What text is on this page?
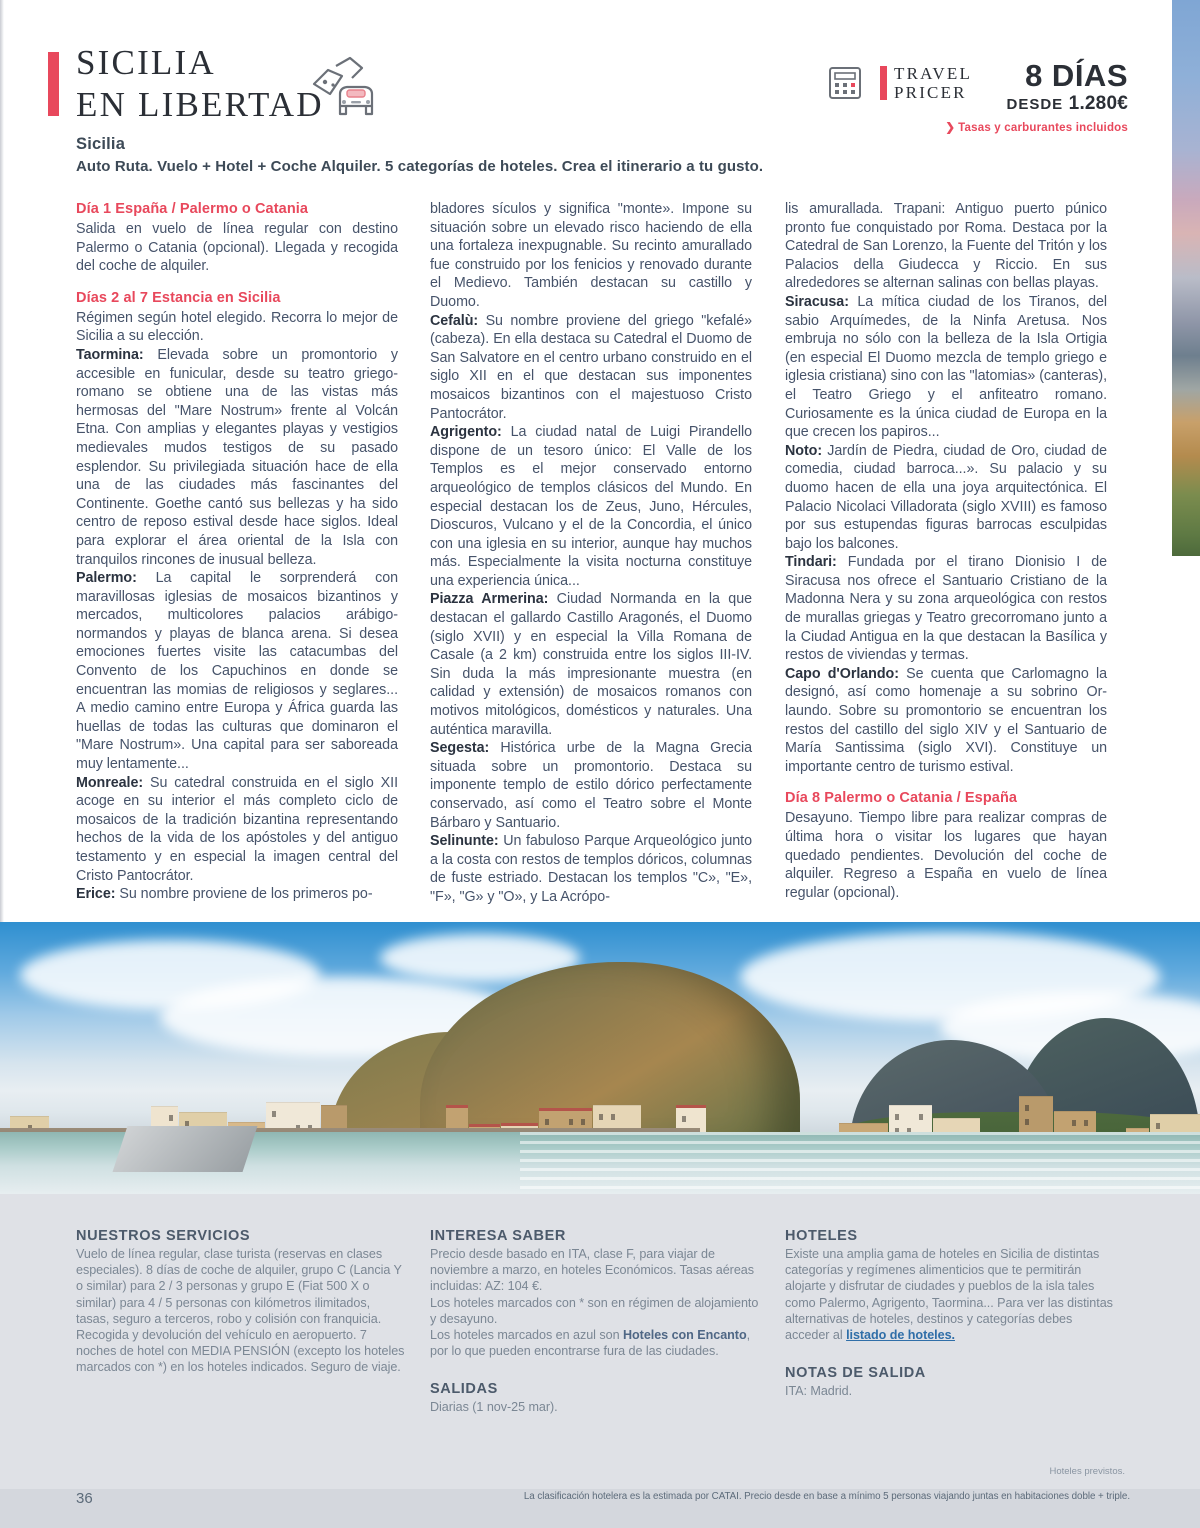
SICILIA
EN LIBERTAD
Sicilia
Auto Ruta. Vuelo + Hotel + Coche Alquiler. 5 categorías de hoteles. Crea el itinerario a tu gusto.
TRAVEL
PRICER	8 DÍAS
DESDE 1.280€
❯ Tasas y carburantes incluidos
Día 1 España / Palermo o Catania

Salida en vuelo de línea regular con destino Palermo o Catania (opcional). Llegada y recogida del coche de alquiler.

Días 2 al 7 Estancia en Sicilia

Régimen según hotel elegido. Recorra lo mejor de Sicilia a su elección.

Taormina: Elevada sobre un promontorio y accesible en funicular, desde su teatro griego-romano se obtiene una de las vistas más hermosas del "Mare Nostrum» frente al Volcán Etna. Con amplias y elegantes playas y vestigios medievales mudos testigos de su pasado esplendor. Su privilegiada situación hace de ella una de las ciudades más fascinantes del Continente. Goethe cantó sus bellezas y ha sido centro de reposo estival desde hace siglos. Ideal para explorar el área oriental de la Isla con tranquilos rincones de inusual belleza.

Palermo: La capital le sorprenderá con maravillosas iglesias de mosaicos bizantinos y mercados, multicolores palacios arábigo-normandos y playas de blanca arena. Si desea emociones fuertes visite las catacumbas del Convento de los Capuchinos en donde se encuentran las momias de religiosos y seglares... A medio camino entre Europa y África guarda las huellas de todas las culturas que dominaron el "Mare Nostrum». Una capital para ser saboreada muy lentamente...

Monreale: Su catedral construida en el siglo XII acoge en su interior el más completo ciclo de mosaicos de la tradición bizantina representando hechos de la vida de los apóstoles y del antiguo testamento y en especial la imagen central del Cristo Pantocrátor.

Erice: Su nombre proviene de los primeros po-

bladores sículos y significa "monte». Impone su situación sobre un elevado risco haciendo de ella una fortaleza inexpugnable. Su recinto amurallado fue construido por los fenicios y renovado durante el Medievo. También destacan su castillo y Duomo.

Cefalù: Su nombre proviene del griego "kefalé» (cabeza). En ella destaca su Catedral el Duomo de San Salvatore en el centro urbano construido en el siglo XII en el que destacan sus imponentes mosaicos bizantinos con el majestuoso Cristo Pantocrátor.

Agrigento: La ciudad natal de Luigi Pirandello dispone de un tesoro único: El Valle de los Templos es el mejor conservado entorno arqueológico de templos clásicos del Mundo. En especial destacan los de Zeus, Juno, Hércules, Dioscuros, Vulcano y el de la Concordia, el único con una iglesia en su interior, aunque hay muchos más. Especialmente la visita nocturna constituye una experiencia única...

Piazza Armerina: Ciudad Normanda en la que destacan el gallardo Castillo Aragonés, el Duomo (siglo XVII) y en especial la Villa Romana de Casale (a 2 km) construida entre los siglos III-IV. Sin duda la más impresionante muestra (en calidad y extensión) de mosaicos romanos con motivos mitológicos, domésticos y naturales. Una auténtica maravilla.

Segesta: Histórica urbe de la Magna Grecia situada sobre un promontorio. Destaca su imponente templo de estilo dórico perfectamente conservado, así como el Teatro sobre el Monte Bárbaro y Santuario.

Selinunte: Un fabuloso Parque Arqueológico junto a la costa con restos de templos dóricos, columnas de fuste estriado. Destacan los templos "C», "E», "F», "G» y "O», y La Acrópo-

lis amurallada. Trapani: Antiguo puerto púnico pronto fue conquistado por Roma. Destaca por la Catedral de San Lorenzo, la Fuente del Tritón y los Palacios della Giudecca y Riccio. En sus alrededores se alternan salinas con bellas playas.

Siracusa: La mítica ciudad de los Tiranos, del sabio Arquímedes, de la Ninfa Aretusa. Nos embruja no sólo con la belleza de la Isla Ortigia (en especial El Duomo mezcla de templo griego e iglesia cristiana) sino con las "latomias» (canteras), el Teatro Griego y el anfiteatro romano. Curiosamente es la única ciudad de Europa en la que crecen los papiros...

Noto: Jardín de Piedra, ciudad de Oro, ciudad de comedia, ciudad barroca...». Su palacio y su duomo hacen de ella una joya arquitectónica. El Palacio Nicolaci Villadorata (siglo XVIII) es famoso por sus estupendas figuras barrocas esculpidas bajo los balcones.

Tindari: Fundada por el tirano Dionisio I de Siracusa nos ofrece el Santuario Cristiano de la Madonna Nera y su zona arqueológica con restos de murallas griegas y Teatro grecorromano junto a la Ciudad Antigua en la que destacan la Basílica y restos de viviendas y termas.

Capo d'Orlando: Se cuenta que Carlomagno la designó, así como homenaje a su sobrino Or-laundo. Sobre su promontorio se encuentran los restos del castillo del siglo XIV y el Santuario de María Santissima (siglo XVI). Constituye un importante centro de turismo estival.

Día 8 Palermo o Catania / España

Desayuno. Tiempo libre para realizar compras de última hora o visitar los lugares que hayan quedado pendientes. Devolución del coche de alquiler. Regreso a España en vuelo de línea regular (opcional).

NUESTROS SERVICIOS

Vuelo de línea regular, clase turista (reservas en clases especiales). 8 días de coche de alquiler, grupo C (Lancia Y o similar) para 2 / 3 personas y grupo E (Fiat 500 X o similar) para 4 / 5 personas con kilómetros ilimitados, tasas, seguro a terceros, robo y colisión con franquicia. Recogida y devolución del vehículo en aeropuerto. 7 noches de hotel con MEDIA PENSIÓN (excepto los hoteles marcados con *) en los hoteles indicados. Seguro de viaje.

INTERESA SABER

Precio desde basado en ITA, clase F, para viajar de noviembre a marzo, en hoteles Económicos. Tasas aéreas incluidas: AZ: 104 €.

Los hoteles marcados con * son en régimen de alojamiento y desayuno.

Los hoteles marcados en azul son Hoteles con Encanto, por lo que pueden encontrarse fura de las ciudades.

SALIDAS

Diarias (1 nov-25 mar).

HOTELES

Existe una amplia gama de hoteles en Sicilia de distintas categorías y regímenes alimenticios que te permitirán alojarte y disfrutar de ciudades y pueblos de la isla tales como Palermo, Agrigento, Taormina... Para ver las distintas alternativas de hoteles, destinos y categorías debes acceder al listado de hoteles.

NOTAS DE SALIDA

ITA: Madrid.

Hoteles previstos.
36	La clasificación hotelera es la estimada por CATAI. Precio desde en base a mínimo 5 personas viajando juntas en habitaciones doble + triple.
